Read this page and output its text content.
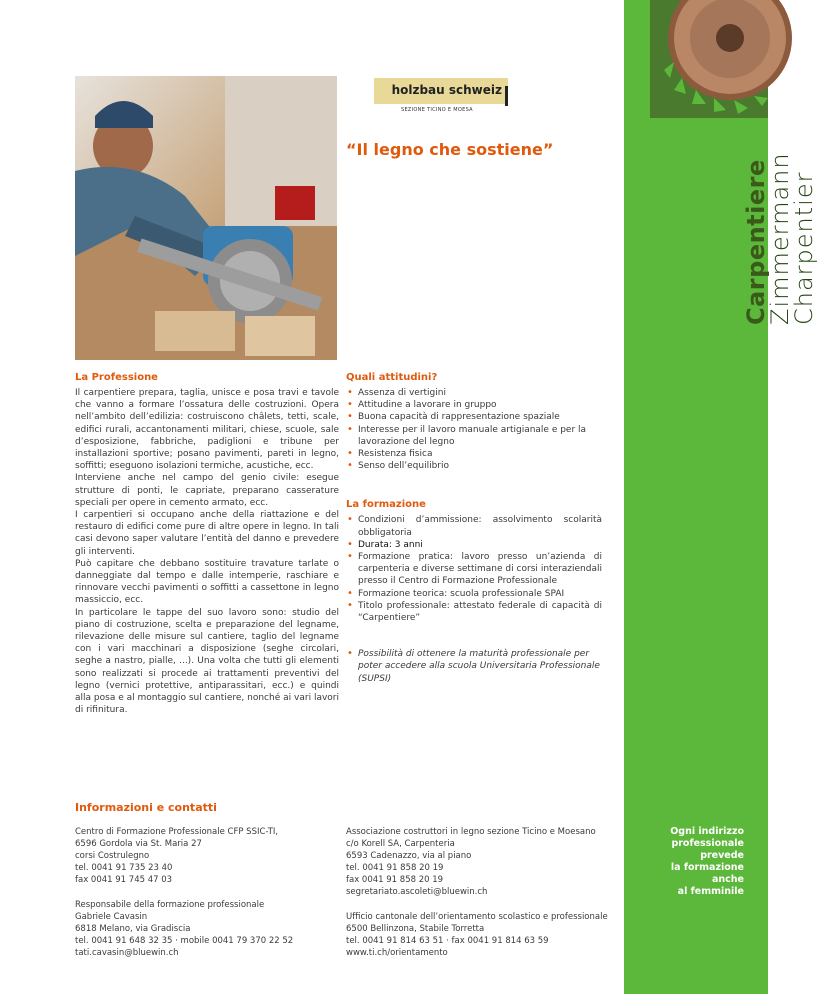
Carpentiere
Zimmermann
Charpentier
holzbau schweiz
SEZIONE TICINO E MOESA
“Il legno che sostiene”
La Professione

Il carpentiere prepara, taglia, unisce e posa travi e tavole che vanno a formare l’ossatura delle costruzioni. Opera nell’ambito dell’edilizia: costruiscono châlets, tetti, scale, edifici rurali, accantonamenti militari, chiese, scuole, sale d’esposizione, fabbriche, padiglioni e tribune per installazioni sportive; posano pavimenti, pareti in legno, soffitti; eseguono isolazioni termiche, acustiche, ecc.
Interviene anche nel campo del genio civile: esegue strutture di ponti, le capriate, preparano casserature speciali per opere in cemento armato, ecc.
I carpentieri si occupano anche della riattazione e del restauro di edifici come pure di altre opere in legno. In tali casi devono saper valutare l’entità del danno e prevedere gli interventi.
Può capitare che debbano sostituire travature tarlate o danneggiate dal tempo e dalle intemperie, raschiare e rinnovare vecchi pavimenti o soffitti a cassettone in legno massiccio, ecc.
In particolare le tappe del suo lavoro sono: studio del piano di costruzione, scelta e preparazione del legname, rilevazione delle misure sul cantiere, taglio del legname con i vari macchinari a disposizione (seghe circolari, seghe a nastro, pialle, ...). Una volta che tutti gli elementi sono realizzati si procede ai trattamenti preventivi del legno (vernici protettive, antiparassitari, ecc.) e quindi alla posa e al montaggio sul cantiere, nonché ai vari lavori di rifinitura.

Quali attitudini?
• Assenza di vertigini
• Attitudine a lavorare in gruppo
• Buona capacità di rappresentazione spaziale
• Interesse per il lavoro manuale artigianale e per la lavorazione del legno
• Resistenza fisica
• Senso dell’equilibrio
La formazione
• Condizioni d’ammissione: assolvimento scolarità obbligatoria
• Durata: 3 anni
• Formazione pratica: lavoro presso un’azienda di carpenteria e diverse settimane di corsi interaziendali presso il Centro di Formazione Professionale
• Formazione teorica: scuola professionale SPAI
• Titolo professionale: attestato federale di capacità di “Carpentiere”
• Possibilità di ottenere la maturità professionale per poter accedere alla scuola Universitaria Professionale (SUPSI)
Informazioni e contatti
Centro di Formazione Professionale CFP SSIC-TI,
6596 Gordola via St. Maria 27
corsi Costrulegno
tel. 0041 91 735 23 40
fax 0041 91 745 47 03
Responsabile della formazione professionale
Gabriele Cavasin
6818 Melano, via Gradiscia
tel. 0041 91 648 32 35 · mobile 0041 79 370 22 52
tati.cavasin@bluewin.ch
Associazione costruttori in legno sezione Ticino e Moesano
c/o Korell SA, Carpenteria
6593 Cadenazzo, via al piano
tel. 0041 91 858 20 19
fax 0041 91 858 20 19
segretariato.ascoleti@bluewin.ch
Ufficio cantonale dell’orientamento scolastico e professionale
6500 Bellinzona, Stabile Torretta
tel. 0041 91 814 63 51 · fax 0041 91 814 63 59
www.ti.ch/orientamento
Ogni indirizzo
professionale
prevede
la formazione
anche
al femminile
